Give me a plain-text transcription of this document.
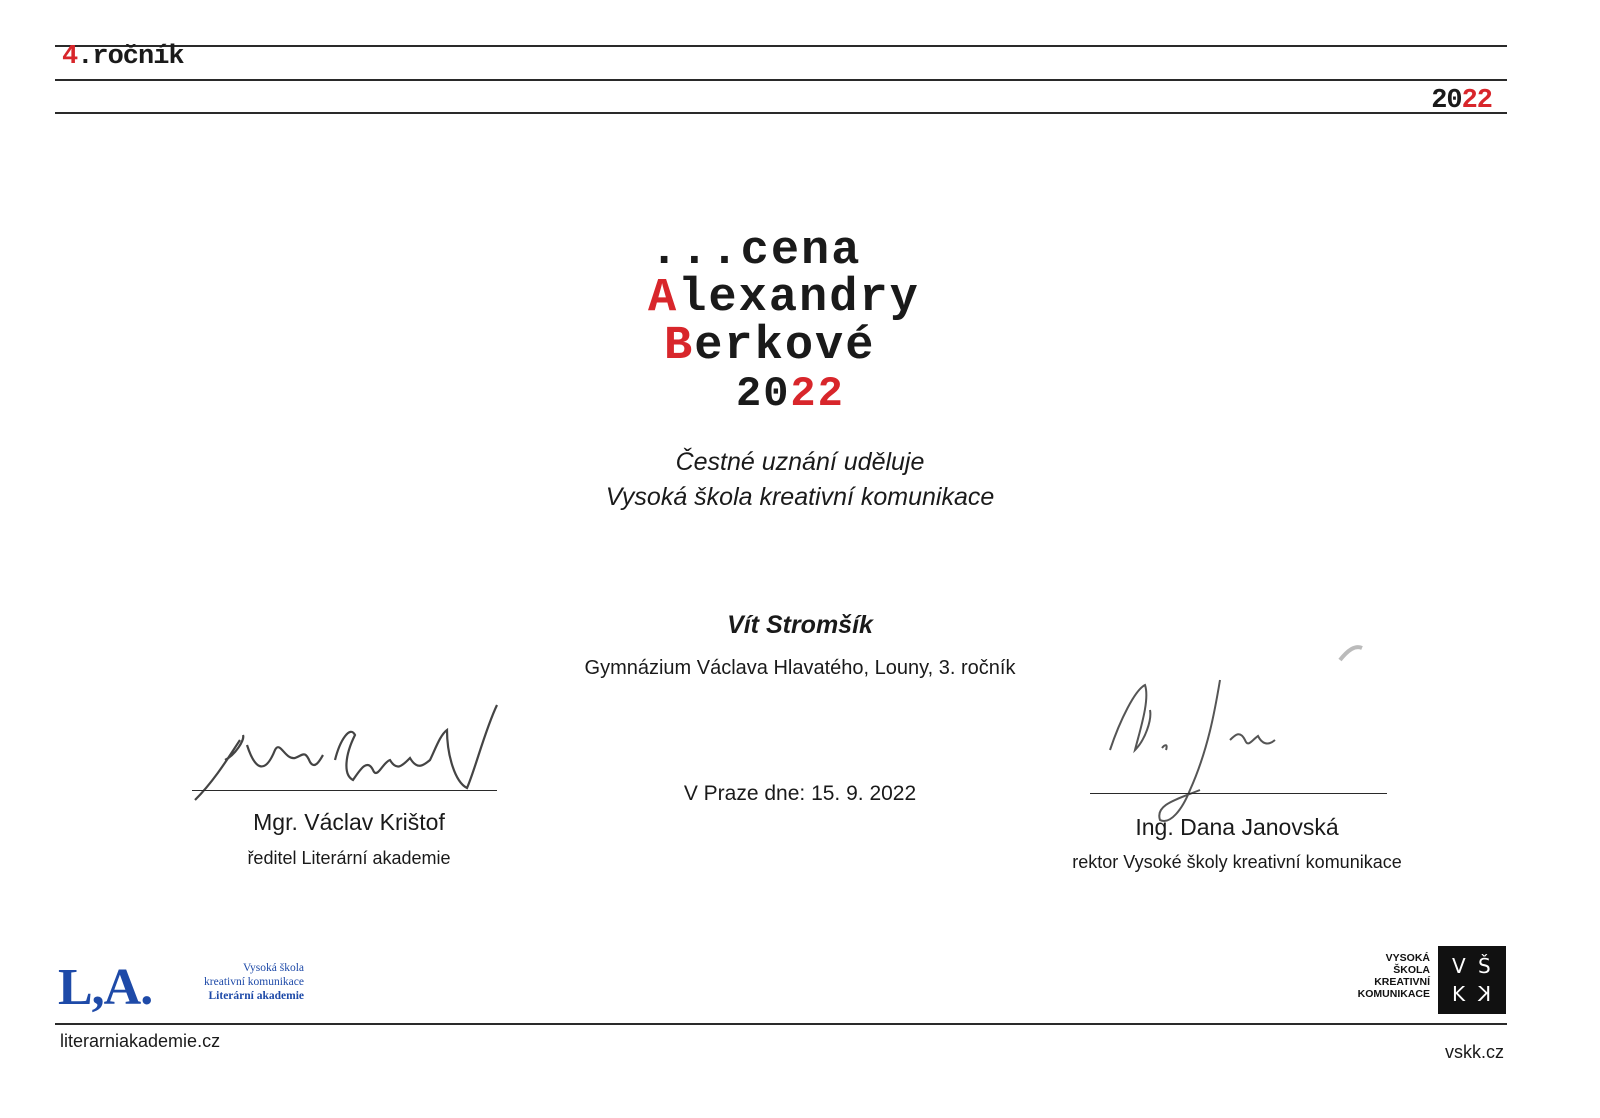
4.ročník
2022
...cena
Alexandry
Berkové
2022
Čestné uznání uděluje
Vysoká škola kreativní komunikace
Vít Stromšík
Gymnázium Václava Hlavatého, Louny, 3. ročník
V Praze dne: 15. 9. 2022
Mgr. Václav Krištof
ředitel Literární akademie
Ing. Dana Janovská
rektor Vysoké školy kreativní komunikace
L,A.	Vysoká škola
kreativní komunikace
Literární akademie
VYSOKÁ
ŠKOLA
KREATIVNÍ
KOMUNIKACE
V Š
K K
literarniakademie.cz
vskk.cz
